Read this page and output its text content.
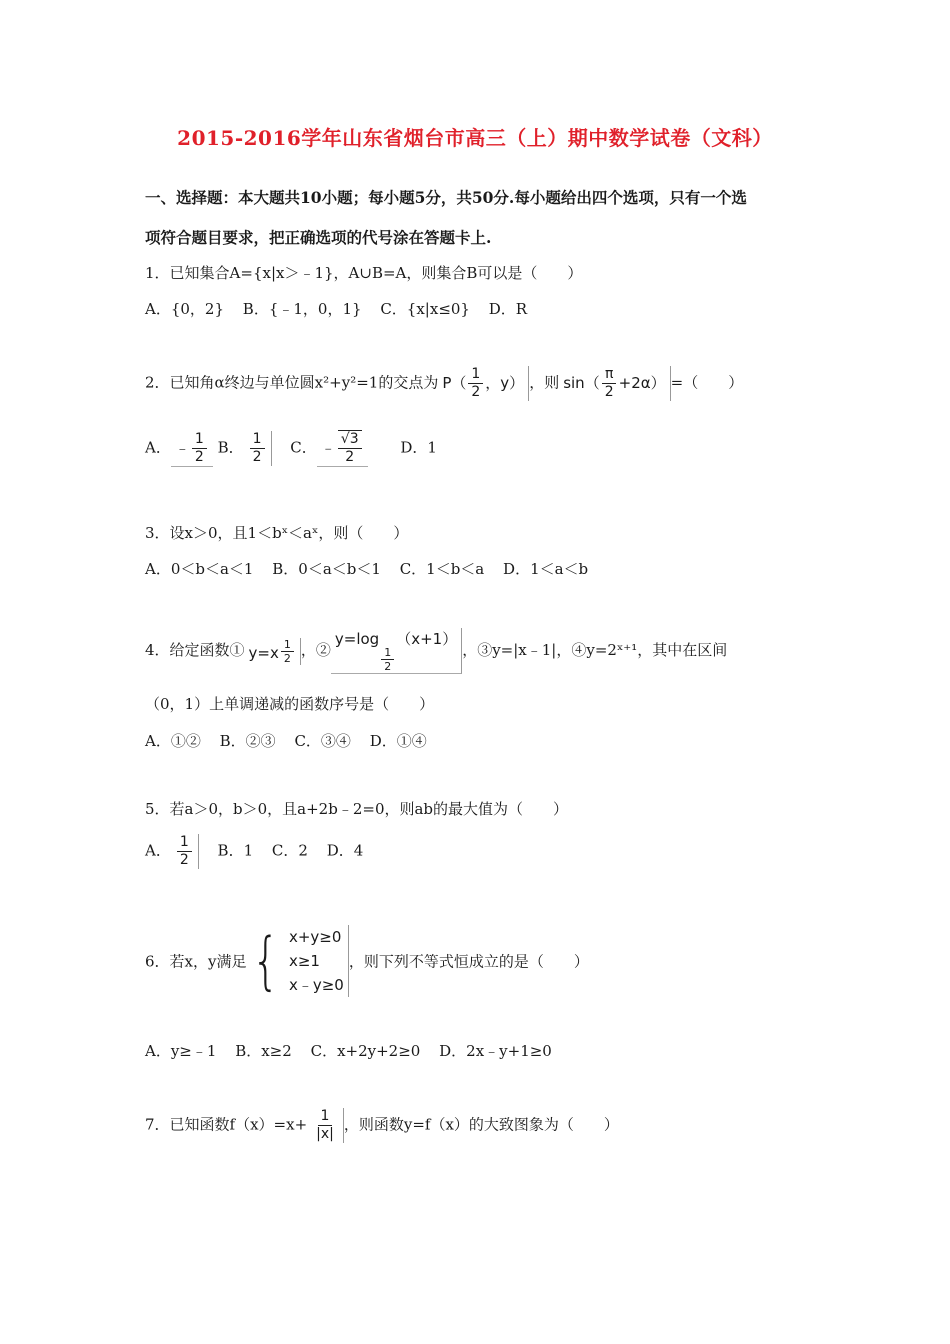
2015-2016学年山东省烟台市高三（上）期中数学试卷（文科）
一、选择题：本大题共10小题；每小题5分，共50分.每小题给出四个选项，只有一个选
项符合题目要求，把正确选项的代号涂在答题卡上.
1．已知集合A={x|x＞﹣1}，A∪B=A，则集合B可以是（　　）
A．{0，2} B．{﹣1，0，1} C．{x|x≤0} D．R
2．已知角α终边与单位圆x²+y²=1的交点为 $P( \frac{1}{2}$ ，y） ，则 $\sin( \frac{\pi}{2} +2\alpha)$ =（　　）
A． ﹣ $\frac{1}{2}$ B． $\frac{1}{2}$ C． ﹣ $\frac{√3}{2}$	D．1
3．设x＞0，且1＜bˣ＜aˣ，则（　　）
A．0＜b＜a＜1 B．0＜a＜b＜1 C．1＜b＜a D．1＜a＜b
4．给定函数① $y=x \frac{1}{2}$ ，②y=log
$\frac{1}{2}$
（x+1），③y=|x﹣1|，④y=2ˣ⁺¹，其中在区间
（0，1）上单调递减的函数序号是（　　）
A．①② B．②③ C．③④ D．①④
5．若a＞0，b＞0，且a+2b﹣2=0，则ab的最大值为（　　）
A． $\frac{1}{2}$ B．1 C．2 D．4
6．若x，y满足 { x+y≥0
x≥1
x﹣y≥0
，则下列不等式恒成立的是（　　）
A．y≥﹣1 B．x≥2 C．x+2y+2≥0 D．2x﹣y+1≥0
7．已知函数$f(x)=x+ \frac{1}{|x|}$ ，则函数y=f（x）的大致图象为（　　）
